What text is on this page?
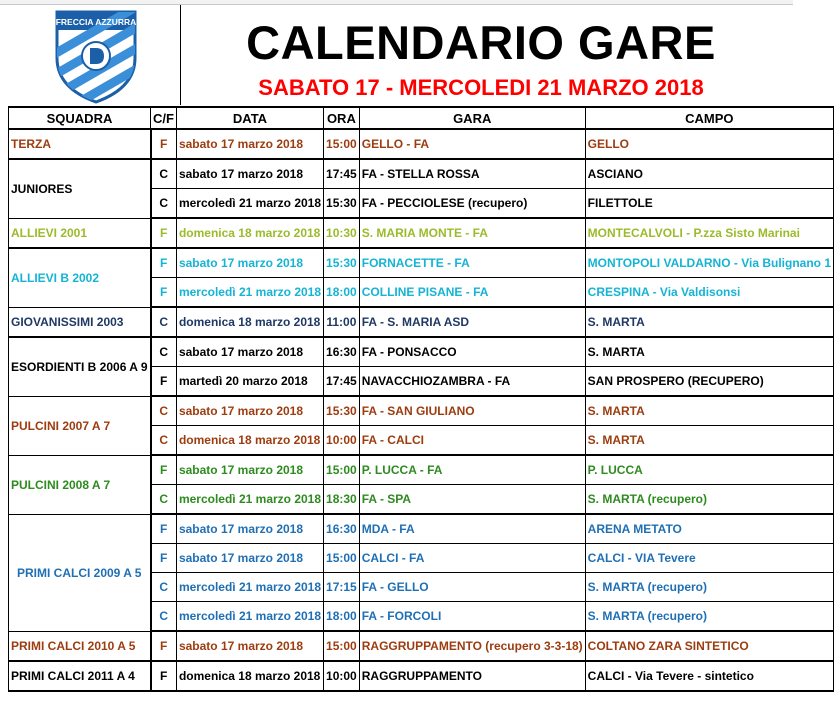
FRECCIA AZZURRA	CALENDARIO GARE
SABATO 17 - MERCOLEDI 21 MARZO 2018
SQUADRA	C/F	DATA	ORA	GARA	CAMPO
TERZA	F	sabato 17 marzo 2018	15:00	GELLO - FA	GELLO
JUNIORES	C	sabato 17 marzo 2018	17:45	FA - STELLA ROSSA	ASCIANO
	C	mercoledì 21 marzo 2018	15:30	FA - PECCIOLESE (recupero)	FILETTOLE
ALLIEVI 2001	F	domenica 18 marzo 2018	10:30	S. MARIA MONTE - FA	MONTECALVOLI - P.zza Sisto Marinai
ALLIEVI B 2002	F	sabato 17 marzo 2018	15:30	FORNACETTE - FA	MONTOPOLI VALDARNO - Via Bulignano 1
	F	mercoledì 21 marzo 2018	18:00	COLLINE PISANE - FA	CRESPINA - Via Valdisonsi
GIOVANISSIMI 2003	C	domenica 18 marzo 2018	11:00	FA - S. MARIA ASD	S. MARTA
ESORDIENTI B 2006 A 9	C	sabato 17 marzo 2018	16:30	FA - PONSACCO	S. MARTA
	F	martedì 20 marzo 2018	17:45	NAVACCHIOZAMBRA - FA	SAN PROSPERO (RECUPERO)
PULCINI 2007 A 7	C	sabato 17 marzo 2018	15:30	FA - SAN GIULIANO	S. MARTA
	C	domenica 18 marzo 2018	10:00	FA - CALCI	S. MARTA
PULCINI 2008 A 7	F	sabato 17 marzo 2018	15:00	P. LUCCA - FA	P. LUCCA
	C	mercoledì 21 marzo 2018	18:30	FA - SPA	S. MARTA (recupero)
PRIMI CALCI 2009 A 5	F	sabato 17 marzo 2018	16:30	MDA - FA	ARENA METATO
	F	sabato 17 marzo 2018	15:00	CALCI - FA	CALCI - VIA Tevere
	C	mercoledì 21 marzo 2018	17:15	FA - GELLO	S. MARTA (recupero)
	C	mercoledì 21 marzo 2018	18:00	FA - FORCOLI	S. MARTA (recupero)
PRIMI CALCI 2010 A 5	F	sabato 17 marzo 2018	15:00	RAGGRUPPAMENTO (recupero 3-3-18)	COLTANO ZARA SINTETICO
PRIMI CALCI 2011 A 4	F	domenica 18 marzo 2018	10:00	RAGGRUPPAMENTO	CALCI - Via Tevere - sintetico
